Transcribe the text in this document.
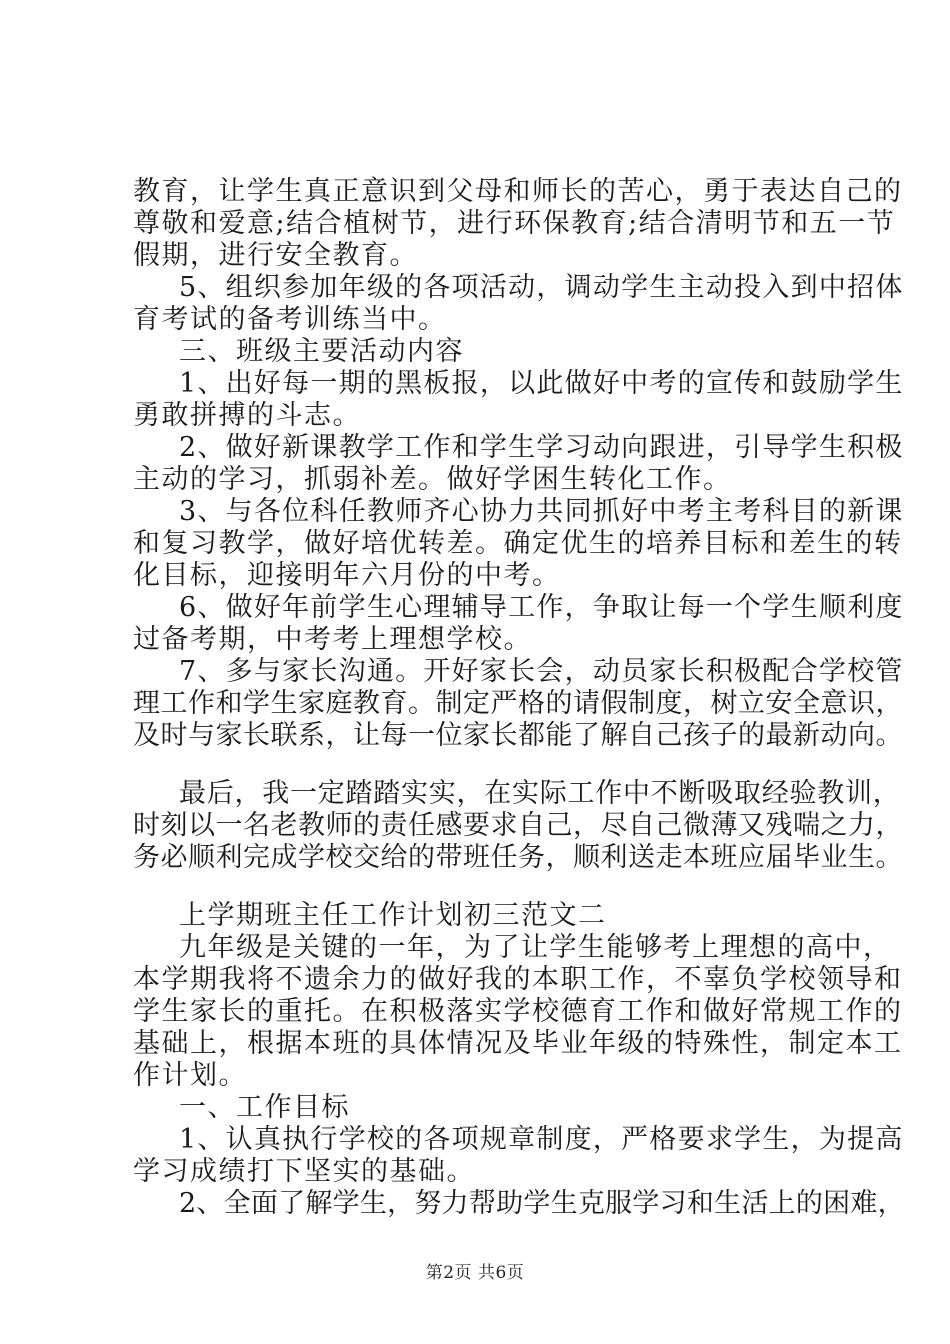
教育，让学生真正意识到父母和师长的苦心，勇于表达自己的
尊敬和爱意;结合植树节，进行环保教育;结合清明节和五一节
假期，进行安全教育。
5、组织参加年级的各项活动，调动学生主动投入到中招体
育考试的备考训练当中。
三、班级主要活动内容
1、出好每一期的黑板报，以此做好中考的宣传和鼓励学生
勇敢拼搏的斗志。
2、做好新课教学工作和学生学习动向跟进，引导学生积极
主动的学习，抓弱补差。做好学困生转化工作。
3、与各位科任教师齐心协力共同抓好中考主考科目的新课
和复习教学，做好培优转差。确定优生的培养目标和差生的转
化目标，迎接明年六月份的中考。
6、做好年前学生心理辅导工作，争取让每一个学生顺利度
过备考期，中考考上理想学校。
7、多与家长沟通。开好家长会，动员家长积极配合学校管
理工作和学生家庭教育。制定严格的请假制度，树立安全意识，
及时与家长联系，让每一位家长都能了解自己孩子的最新动向。
最后，我一定踏踏实实，在实际工作中不断吸取经验教训，
时刻以一名老教师的责任感要求自己，尽自己微薄又残喘之力，
务必顺利完成学校交给的带班任务，顺利送走本班应届毕业生。
上学期班主任工作计划初三范文二
九年级是关键的一年，为了让学生能够考上理想的高中，
本学期我将不遗余力的做好我的本职工作，不辜负学校领导和
学生家长的重托。在积极落实学校德育工作和做好常规工作的
基础上，根据本班的具体情况及毕业年级的特殊性，制定本工
作计划。
一、工作目标
1、认真执行学校的各项规章制度，严格要求学生，为提高
学习成绩打下坚实的基础。
2、全面了解学生，努力帮助学生克服学习和生活上的困难，
第2页 共6页
